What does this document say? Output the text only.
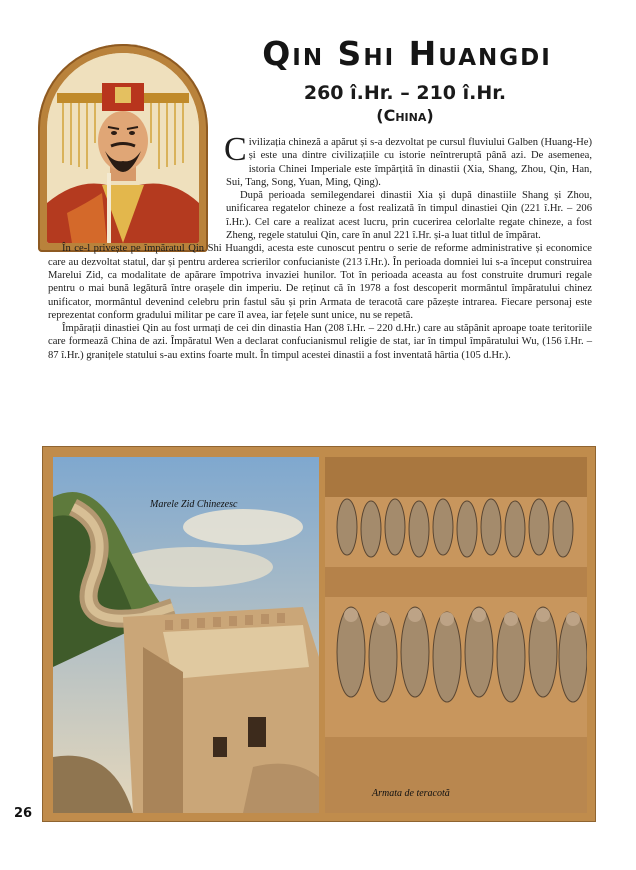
Qin Shi Huangdi
260 î.Hr. – 210 î.Hr.
(China)

Civilizația chineză a apărut și s-a dezvoltat pe cursul fluviului Galben (Huang-He) și este una dintre civilizațiile cu istorie neîntreruptă până azi. De asemenea, istoria Chinei Imperiale este împărțită în dinastii (Xia, Shang, Zhou, Qin, Han, Sui, Tang, Song, Yuan, Ming, Qing).

După perioada semilegendarei dinastii Xia și după dinastiile Shang și Zhou, unificarea regatelor chineze a fost realizată în timpul dinastiei Qin (221 î.Hr. – 206 î.Hr.). Cel care a realizat acest lucru, prin cucerirea celorlalte regate chineze, a fost Zheng, regele statului Qin, care în anul 221 î.Hr. și-a luat titlul de împărat.

În ce-l privește pe împăratul Qin Shi Huangdi, acesta este cunoscut pentru o serie de reforme administrative și economice care au dezvoltat statul, dar și pentru arderea scrierilor confucianiste (213 î.Hr.). În perioada domniei lui s-a început construirea Marelui Zid, ca modalitate de apărare împotriva invaziei hunilor. Tot în perioada aceasta au fost construite drumuri regale pentru o mai bună legătură între orașele din imperiu. De reținut că în 1978 a fost descoperit mormântul împăratului chinez unificator, mormântul devenind celebru prin fastul său și prin Armata de teracotă care păzește intrarea. Fiecare personaj este reprezentat conform gradului militar pe care îl avea, iar fețele sunt unice, nu se repetă.

Împărații dinastiei Qin au fost urmați de cei din dinastia Han (208 î.Hr. – 220 d.Hr.) care au stăpânit aproape toate teritoriile care formează China de azi. Împăratul Wen a declarat confucianismul religie de stat, iar în timpul împăratului Wu, (156 î.Hr. – 87 î.Hr.) granițele statului s-au extins foarte mult. În timpul acestei dinastii a fost inventată hârtia (105 d.Hr.).

Marele Zid Chinezesc
Armata de teracotă
26
